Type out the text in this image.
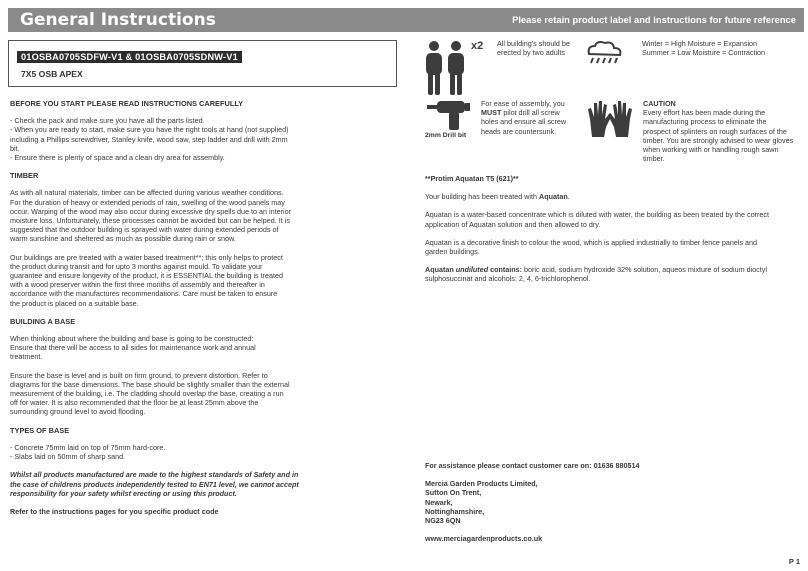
General Instructions	Please retain product label and instructions for future reference
01OSBA0705SDFW-V1 & 01OSBA0705SDNW-V1
7X5 OSB APEX

BEFORE YOU START PLEASE READ INSTRUCTIONS CAREFULLY

- Check the pack and make sure you have all the parts listed.

- When you are ready to start, make sure you have the right tools at hand (not supplied)

including a Phillips screwdriver, Stanley knife, wood saw, step ladder and drill with 2mm

bit.

- Ensure there is plenty of space and a clean dry area for assembly.

TIMBER

As with all natural materials, timber can be affected during various weather conditions.

For the duration of heavy or extended periods of rain, swelling of the wood panels may

occur. Warping of the wood may also occur during excessive dry spells due to an interior

moisture loss. Unfortunately, these processes cannot be avoided but can be helped. It is

suggested that the outdoor building is sprayed with water during extended periods of

warm sunshine and sheltered as much as possible during rain or snow.

Our buildings are pre treated with a water based treatment**; this only helps to protect

the product during transit and for upto 3 months against mould. To validate your

guarantee and ensure longevity of the product, it is ESSENTIAL the building is treated

with a wood preserver within the first three months of assembly and thereafter in

accordance with the manufactures recommendations. Care must be taken to ensure

the product is placed on a suitable base.

BUILDING A BASE

When thinking about where the building and base is going to be constructed:

Ensure that there will be access to all sides for maintenance work and annual

treatment.

Ensure the base is level and is built on firm ground, to prevent distortion. Refer to

diagrams for the base dimensions. The base should be slightly smaller than the external

measurement of the building, i.e. The cladding should overlap the base, creating a run

off for water. It is also recommended that the floor be at least 25mm above the

surrounding ground level to avoid flooding.

TYPES OF BASE

- Concrete 75mm laid on top of 75mm hard-core.

- Slabs laid on 50mm of sharp sand.

Whilst all products manufactured are made to the highest standards of Safety and in

the case of childrens products independently tested to EN71 level, we cannot accept

responsibility for your safety whilst erecting or using this product.

Refer to the instructions pages for you specific product code

x2 All building's should be

erected by two adults

Winter = High Moisture = Expansion

Summer = Low Moisture = Contraction

2mm Drill bit

For ease of assembly, you

MUST pilot drill all screw

holes and ensure all screw

heads are countersunk.

CAUTION

Every effort has been made during the

manufacturing process to eliminate the

prospect of splinters on rough surfaces of the

timber. You are strongly advised to wear gloves

when working with or handling rough sawn

timber.

**Protim Aquatan T5 (621)**

Your building has been treated with Aquatan.

Aquatan is a water-based concentrate which is diluted with water, the building as been treated by the correct

application of Aquatan solution and then allowed to dry.

Aquatan is a decorative finish to colour the wood, which is applied industrially to timber fence panels and

garden buildings.

Aquatan undiluted contains: boric acid, sodium hydroxide 32% solution, aqueos mixture of sodium dioctyl

sulphosuccinat and alcohols: 2, 4, 6-trichlorophenol.

For assistance please contact customer care on: 01636 880514

Mercia Garden Products Limited,

Sutton On Trent,

Newark,

Nottinghamshire,

NG23 6QN

www.merciagardenproducts.co.uk

P 1
